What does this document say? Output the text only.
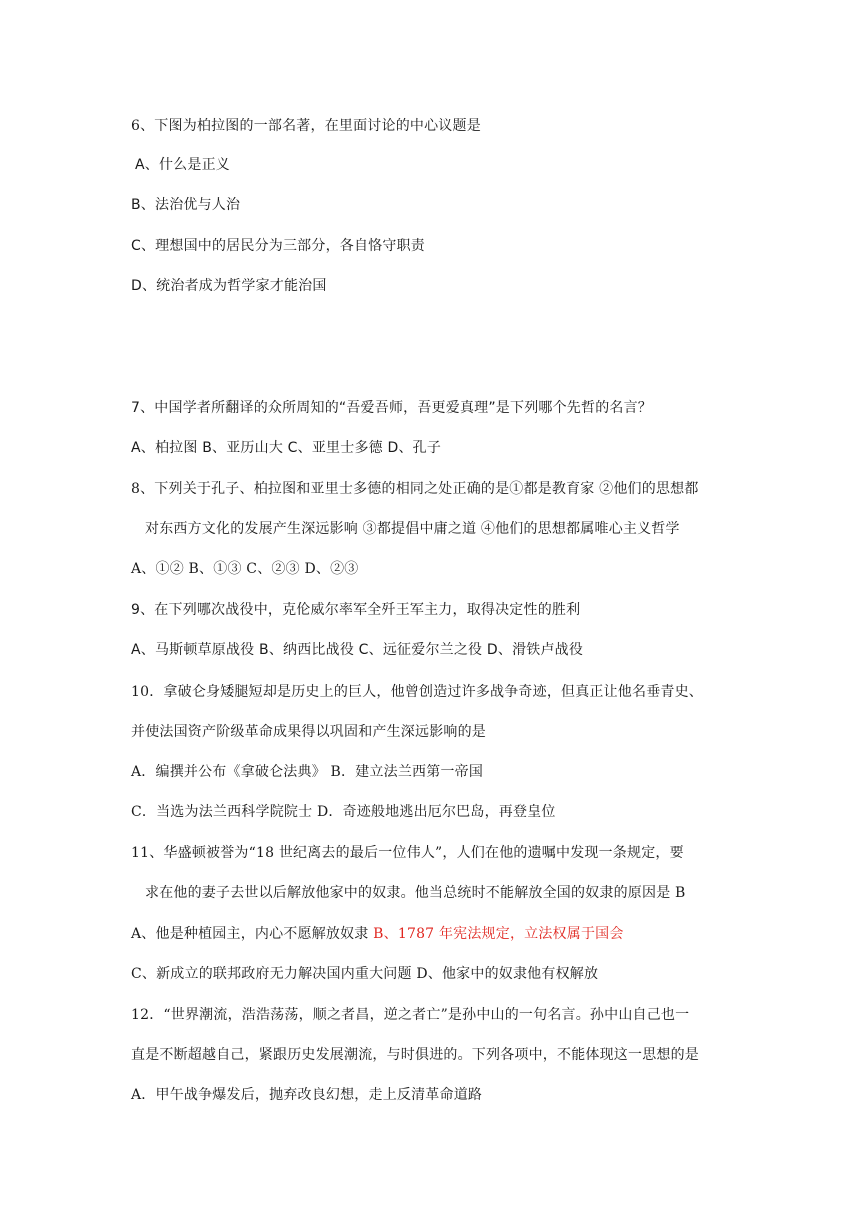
6、下图为柏拉图的一部名著，在里面讨论的中心议题是
A、什么是正义
B、法治优与人治
C、理想国中的居民分为三部分，各自恪守职责
D、统治者成为哲学家才能治国
7、中国学者所翻译的众所周知的“吾爱吾师，吾更爱真理”是下列哪个先哲的名言？
A、柏拉图 B、亚历山大 C、亚里士多德 D、孔子
8、下列关于孔子、柏拉图和亚里士多德的相同之处正确的是①都是教育家 ②他们的思想都
对东西方文化的发展产生深远影响 ③都提倡中庸之道 ④他们的思想都属唯心主义哲学
A、①② B、①③ C、②③ D、②③
9、在下列哪次战役中，克伦威尔率军全歼王军主力，取得决定性的胜利
A、马斯顿草原战役 B、纳西比战役 C、远征爱尔兰之役 D、滑铁卢战役
10．拿破仑身矮腿短却是历史上的巨人，他曾创造过许多战争奇迹，但真正让他名垂青史、
并使法国资产阶级革命成果得以巩固和产生深远影响的是
A．编撰并公布《拿破仑法典》 B．建立法兰西第一帝国
C．当选为法兰西科学院院士 D．奇迹般地逃出厄尔巴岛，再登皇位
11、华盛顿被誉为“18 世纪离去的最后一位伟人”，人们在他的遗嘱中发现一条规定，要
求在他的妻子去世以后解放他家中的奴隶。他当总统时不能解放全国的奴隶的原因是 B
A、他是种植园主，内心不愿解放奴隶 B、1787 年宪法规定，立法权属于国会
C、新成立的联邦政府无力解决国内重大问题 D、他家中的奴隶他有权解放
12．“世界潮流，浩浩荡荡，顺之者昌，逆之者亡”是孙中山的一句名言。孙中山自己也一
直是不断超越自己，紧跟历史发展潮流，与时俱进的。下列各项中，不能体现这一思想的是
A．甲午战争爆发后，抛弃改良幻想，走上反清革命道路
